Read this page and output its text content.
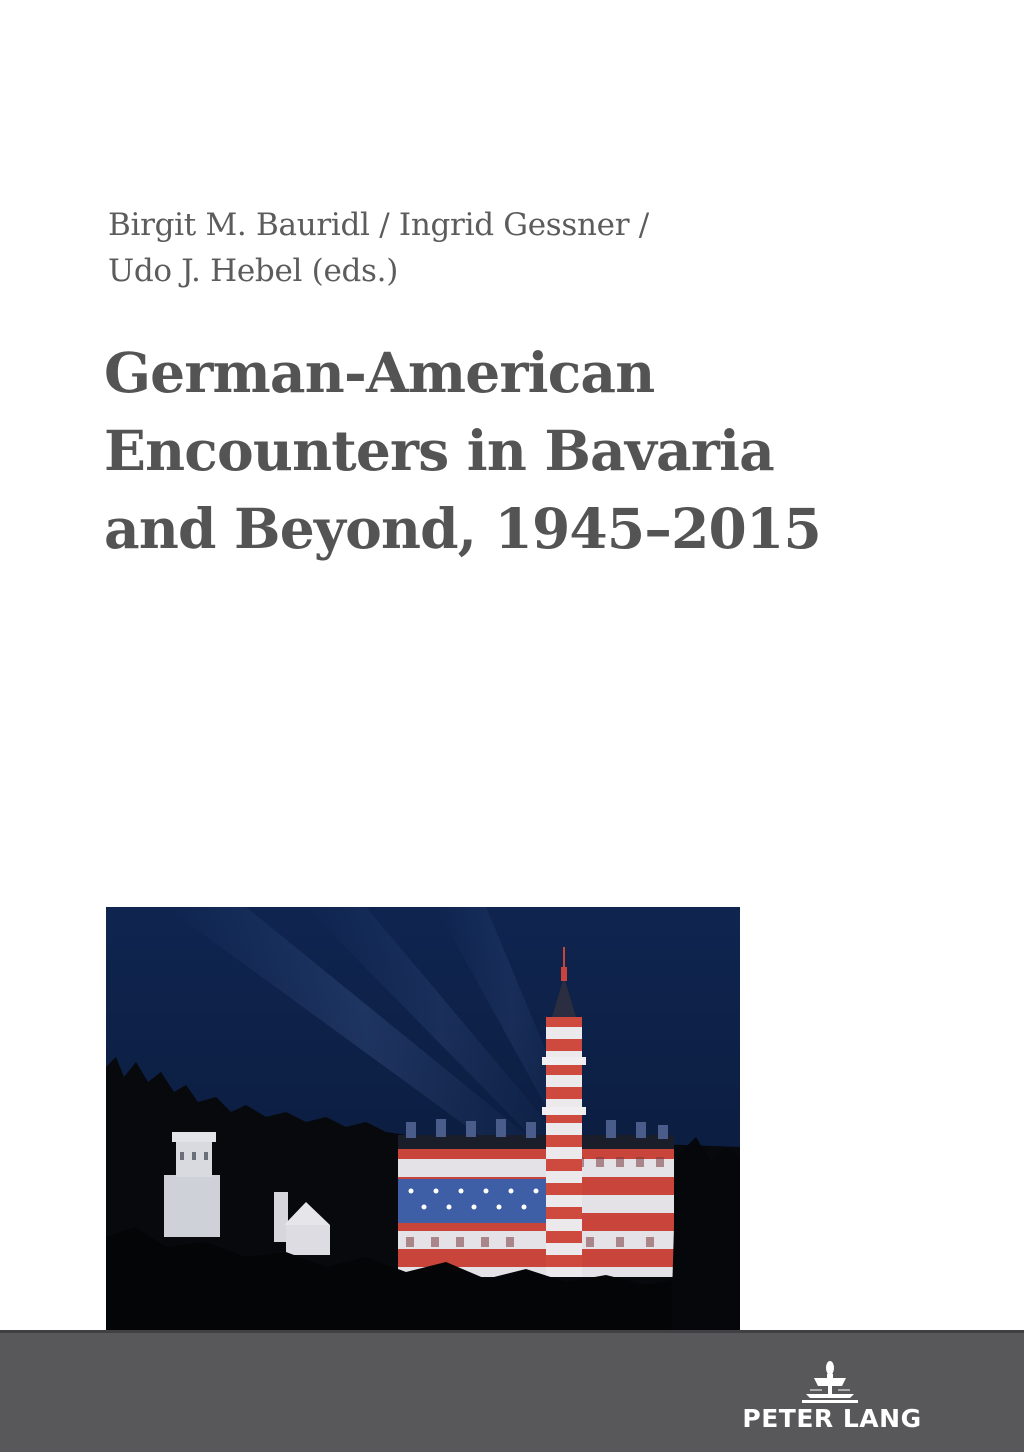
Birgit M. Bauridl / Ingrid Gessner /
Udo J. Hebel (eds.)
German-American
Encounters in Bavaria
and Beyond, 1945–2015
PETER LANG
